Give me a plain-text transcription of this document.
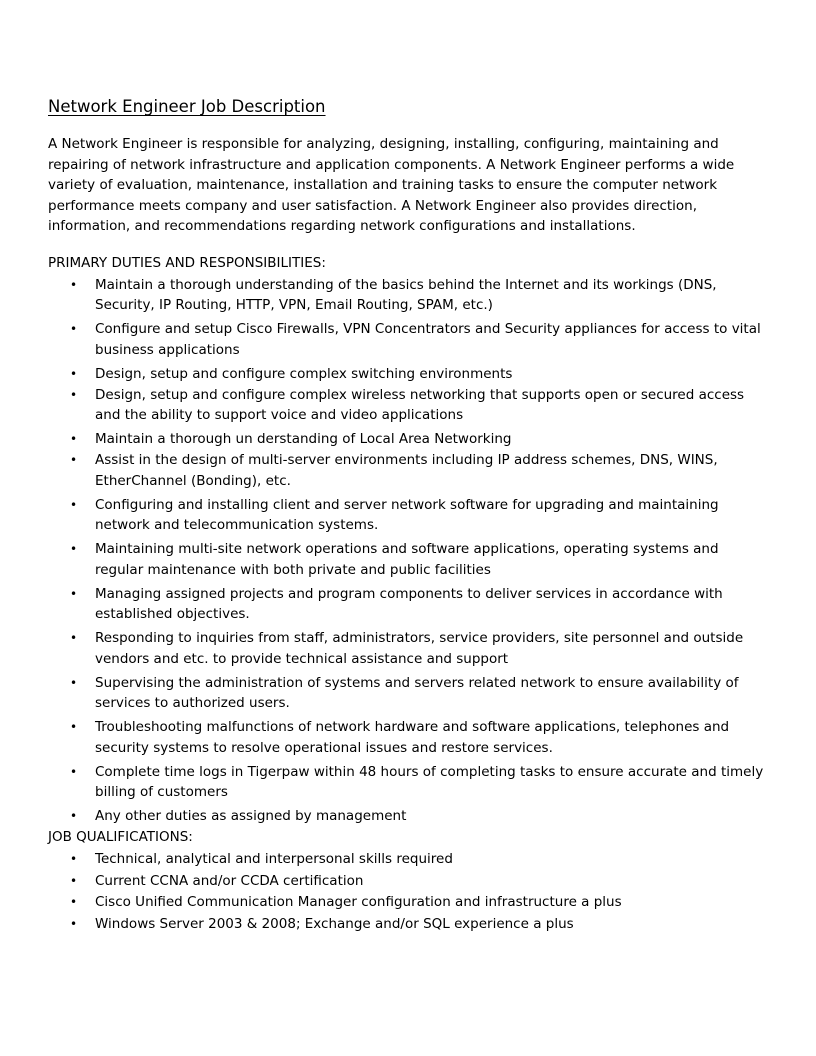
Network Engineer Job Description

A Network Engineer is responsible for analyzing, designing, installing, configuring, maintaining and repairing of network infrastructure and application components. A Network Engineer performs a wide variety of evaluation, maintenance, installation and training tasks to ensure the computer network performance meets company and user satisfaction. A Network Engineer also provides direction, information, and recommendations regarding network configurations and installations.

PRIMARY DUTIES AND RESPONSIBILITIES:
• Maintain a thorough understanding of the basics behind the Internet and its workings (DNS, Security, IP Routing, HTTP, VPN, Email Routing, SPAM, etc.)
• Configure and setup Cisco Firewalls, VPN Concentrators and Security appliances for access to vital business applications
• Design, setup and configure complex switching environments
• Design, setup and configure complex wireless networking that supports open or secured access and the ability to support voice and video applications
• Maintain a thorough un derstanding of Local Area Networking
• Assist in the design of multi-server environments including IP address schemes, DNS, WINS, EtherChannel (Bonding), etc.
• Configuring and installing client and server network software for upgrading and maintaining network and telecommunication systems.
• Maintaining multi-site network operations and software applications, operating systems and regular maintenance with both private and public facilities
• Managing assigned projects and program components to deliver services in accordance with established objectives.
• Responding to inquiries from staff, administrators, service providers, site personnel and outside vendors and etc. to provide technical assistance and support
• Supervising the administration of systems and servers related network to ensure availability of services to authorized users.
• Troubleshooting malfunctions of network hardware and software applications, telephones and security systems to resolve operational issues and restore services.
• Complete time logs in Tigerpaw within 48 hours of completing tasks to ensure accurate and timely billing of customers
• Any other duties as assigned by management
JOB QUALIFICATIONS:
• Technical, analytical and interpersonal skills required
• Current CCNA and/or CCDA certification
• Cisco Unified Communication Manager configuration and infrastructure a plus
• Windows Server 2003 & 2008; Exchange and/or SQL experience a plus
